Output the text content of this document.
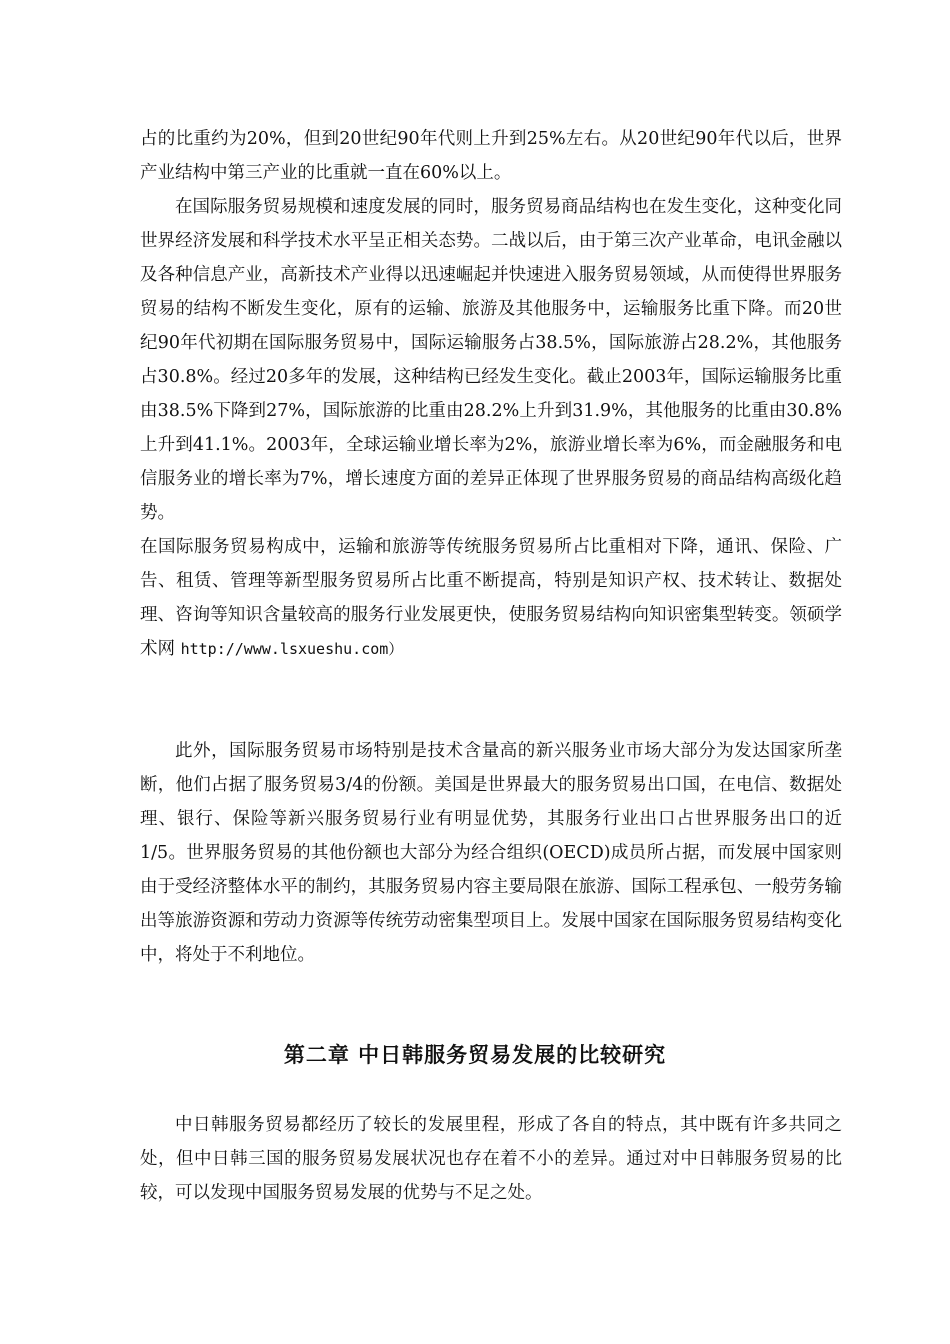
占的比重约为20%，但到20世纪90年代则上升到25%左右。从20世纪90年代以后，世界产业结构中第三产业的比重就一直在60%以上。

在国际服务贸易规模和速度发展的同时，服务贸易商品结构也在发生变化，这种变化同世界经济发展和科学技术水平呈正相关态势。二战以后，由于第三次产业革命，电讯金融以及各种信息产业，高新技术产业得以迅速崛起并快速进入服务贸易领域，从而使得世界服务贸易的结构不断发生变化，原有的运输、旅游及其他服务中，运输服务比重下降。而20世纪90年代初期在国际服务贸易中，国际运输服务占38.5%，国际旅游占28.2%，其他服务占30.8%。经过20多年的发展，这种结构已经发生变化。截止2003年，国际运输服务比重由38.5%下降到27%，国际旅游的比重由28.2%上升到31.9%，其他服务的比重由30.8%上升到41.1%。2003年，全球运输业增长率为2%，旅游业增长率为6%，而金融服务和电信服务业的增长率为7%，增长速度方面的差异正体现了世界服务贸易的商品结构高级化趋势。

在国际服务贸易构成中，运输和旅游等传统服务贸易所占比重相对下降，通讯、保险、广告、租赁、管理等新型服务贸易所占比重不断提高，特别是知识产权、技术转让、数据处理、咨询等知识含量较高的服务行业发展更快，使服务贸易结构向知识密集型转变。领硕学术网 http://www.lsxueshu.com）

此外，国际服务贸易市场特别是技术含量高的新兴服务业市场大部分为发达国家所垄断，他们占据了服务贸易3/4的份额。美国是世界最大的服务贸易出口国，在电信、数据处理、银行、保险等新兴服务贸易行业有明显优势，其服务行业出口占世界服务出口的近1/5。世界服务贸易的其他份额也大部分为经合组织(OECD)成员所占据，而发展中国家则由于受经济整体水平的制约，其服务贸易内容主要局限在旅游、国际工程承包、一般劳务输出等旅游资源和劳动力资源等传统劳动密集型项目上。发展中国家在国际服务贸易结构变化中，将处于不利地位。

第二章 中日韩服务贸易发展的比较研究

中日韩服务贸易都经历了较长的发展里程，形成了各自的特点，其中既有许多共同之处，但中日韩三国的服务贸易发展状况也存在着不小的差异。通过对中日韩服务贸易的比较，可以发现中国服务贸易发展的优势与不足之处。
